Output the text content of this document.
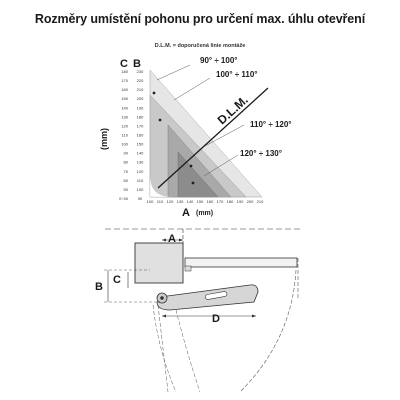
Rozměry umístění pohonu pro určení max. úhlu otevření
D.L.M. = doporučená linie montáže
D.L.M.
90° ÷ 100°
100° ÷ 110°
110° ÷ 120°
120° ÷ 130°
C B
(mm)
A (mm)
180
170
160
150
140
130
120
110
100
90
80
70
60
50
0÷40
230
220
210
200
190
180
170
160
150
140
130
120
110
100
90
100 110 120 130 140 150 160 170 180 190 200 210
A
B
C
D
